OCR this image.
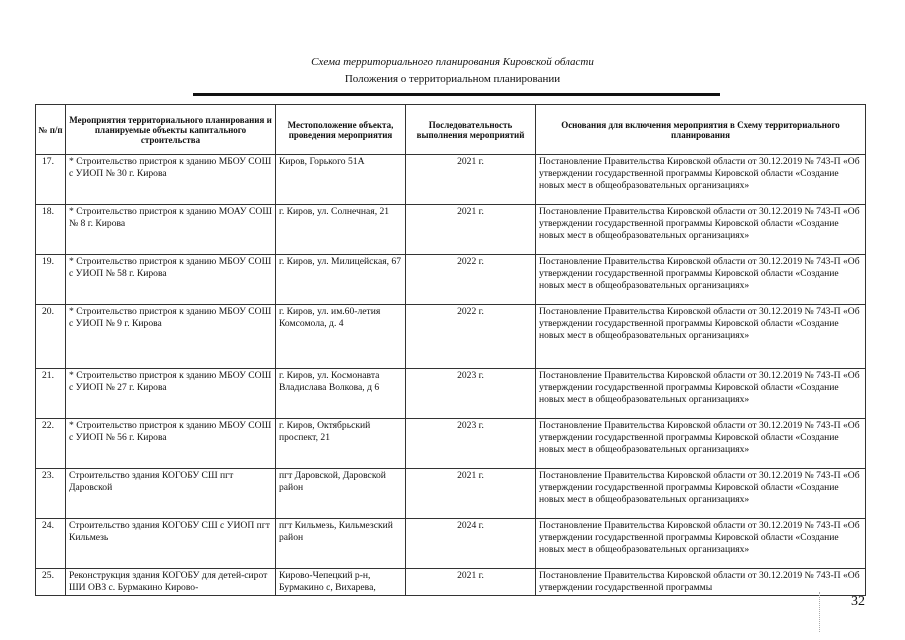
Схема территориального планирования Кировской области
Положения о территориальном планировании
№ п/п	Мероприятия территориального планирования и планируемые объекты капитального строительства	Местоположение объекта, проведения мероприятия	Последовательность выполнения мероприятий	Основания для включения мероприятия в Схему территориального планирования
17.	* Строительство пристроя к зданию МБОУ СОШ с УИОП № 30 г. Кирова	Киров, Горького 51А	2021 г.	Постановление Правительства Кировской области от 30.12.2019 № 743-П «Об утверждении государственной программы Кировской области «Создание новых мест в общеобразовательных организациях»
18.	* Строительство пристроя к зданию МОАУ СОШ № 8 г. Кирова	г. Киров, ул. Солнечная, 21	2021 г.	Постановление Правительства Кировской области от 30.12.2019 № 743-П «Об утверждении государственной программы Кировской области «Создание новых мест в общеобразовательных организациях»
19.	* Строительство пристроя к зданию МБОУ СОШ с УИОП № 58 г. Кирова	г. Киров, ул. Милицейская, 67	2022 г.	Постановление Правительства Кировской области от 30.12.2019 № 743-П «Об утверждении государственной программы Кировской области «Создание новых мест в общеобразовательных организациях»
20.	* Строительство пристроя к зданию МБОУ СОШ с УИОП № 9 г. Кирова	г. Киров, ул. им.60-летия Комсомола, д. 4	2022 г.	Постановление Правительства Кировской области от 30.12.2019 № 743-П «Об утверждении государственной программы Кировской области «Создание новых мест в общеобразовательных организациях»
21.	* Строительство пристроя к зданию МБОУ СОШ с УИОП № 27 г. Кирова	г. Киров, ул. Космонавта Владислава Волкова, д 6	2023 г.	Постановление Правительства Кировской области от 30.12.2019 № 743-П «Об утверждении государственной программы Кировской области «Создание новых мест в общеобразовательных организациях»
22.	* Строительство пристроя к зданию МБОУ СОШ с УИОП № 56 г. Кирова	г. Киров, Октябрьский проспект, 21	2023 г.	Постановление Правительства Кировской области от 30.12.2019 № 743-П «Об утверждении государственной программы Кировской области «Создание новых мест в общеобразовательных организациях»
23.	Строительство здания КОГОБУ СШ пгт Даровской	пгт Даровской, Даровской район	2021 г.	Постановление Правительства Кировской области от 30.12.2019 № 743-П «Об утверждении государственной программы Кировской области «Создание новых мест в общеобразовательных организациях»
24.	Строительство здания КОГОБУ СШ с УИОП пгт Кильмезь	пгт Кильмезь, Кильмезский район	2024 г.	Постановление Правительства Кировской области от 30.12.2019 № 743-П «Об утверждении государственной программы Кировской области «Создание новых мест в общеобразовательных организациях»
25.	Реконструкция здания КОГОБУ для детей-сирот ШИ ОВЗ с. Бурмакино Кирово-	Кирово-Чепецкий р-н, Бурмакино с, Вихарева,	2021 г.	Постановление Правительства Кировской области от 30.12.2019 № 743-П «Об утверждении государственной программы
32
